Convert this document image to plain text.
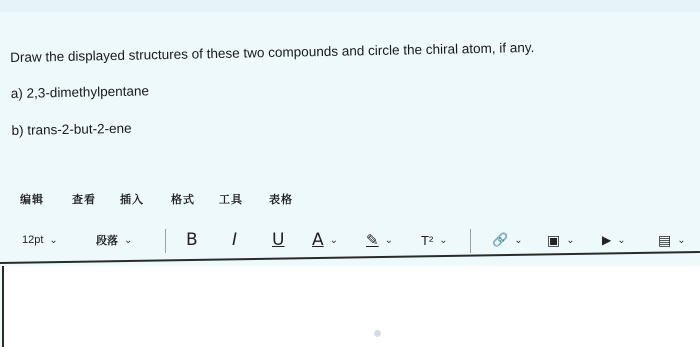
Draw the displayed structures of these two compounds and circle the chiral atom, if any.

a) 2,3-dimethylpentane

b) trans-2-but-2-ene

编辑	查看 插入 格式 工具 表格
12pt ⌄	段落 ⌄	B I U A ⌄ ✎ ⌄ T² ⌄	🔗 ⌄ ▣ ⌄ ▶ ⌄ ▤ ⌄
